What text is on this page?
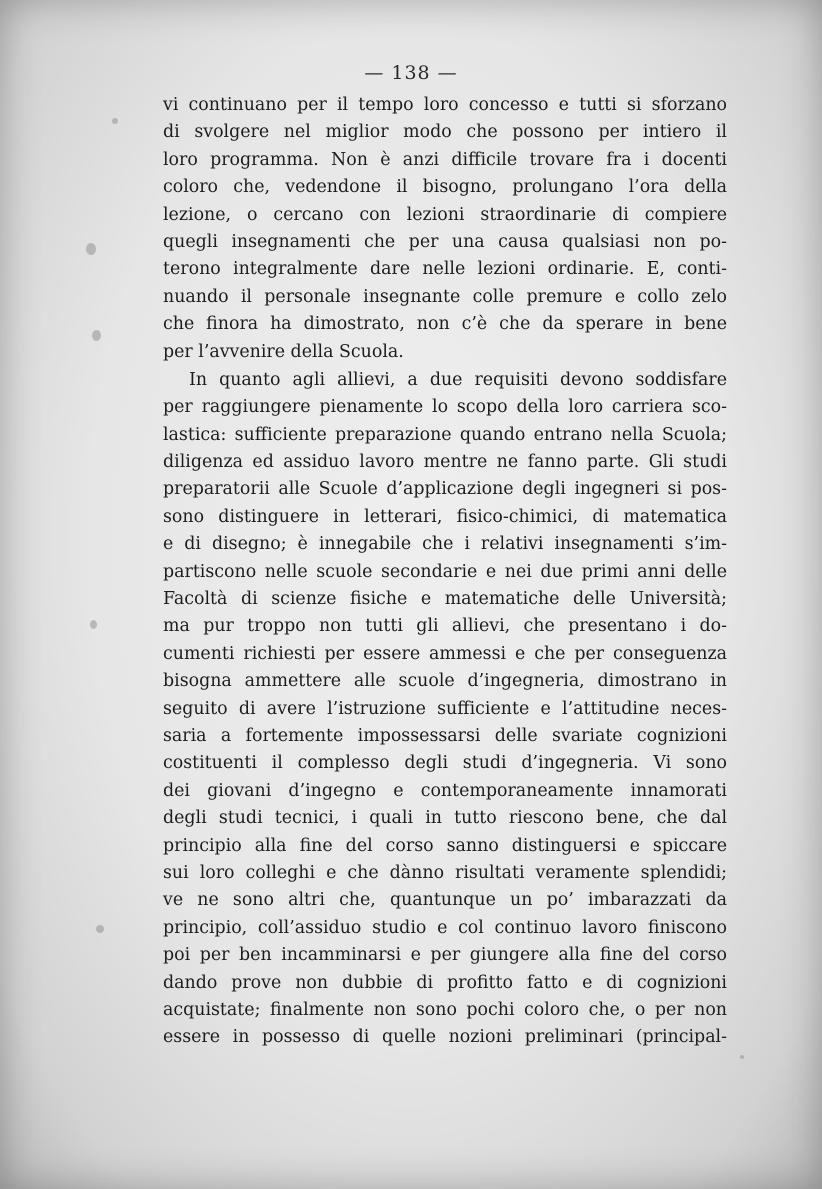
— 138 —
vi continuano per il tempo loro concesso e tutti si sforzano
di svolgere nel miglior modo che possono per intiero il
loro programma. Non è anzi difficile trovare fra i docenti
coloro che, vedendone il bisogno, prolungano l’ora della
lezione, o cercano con lezioni straordinarie di compiere
quegli insegnamenti che per una causa qualsiasi non po-
terono integralmente dare nelle lezioni ordinarie. E, conti-
nuando il personale insegnante colle premure e collo zelo
che finora ha dimostrato, non c’è che da sperare in bene
per l’avvenire della Scuola.
In quanto agli allievi, a due requisiti devono soddisfare
per raggiungere pienamente lo scopo della loro carriera sco-
lastica: sufficiente preparazione quando entrano nella Scuola;
diligenza ed assiduo lavoro mentre ne fanno parte. Gli studi
preparatorii alle Scuole d’applicazione degli ingegneri si pos-
sono distinguere in letterari, fisico-chimici, di matematica
e di disegno; è innegabile che i relativi insegnamenti s’im-
partiscono nelle scuole secondarie e nei due primi anni delle
Facoltà di scienze fisiche e matematiche delle Università;
ma pur troppo non tutti gli allievi, che presentano i do-
cumenti richiesti per essere ammessi e che per conseguenza
bisogna ammettere alle scuole d’ingegneria, dimostrano in
seguito di avere l’istruzione sufficiente e l’attitudine neces-
saria a fortemente impossessarsi delle svariate cognizioni
costituenti il complesso degli studi d’ingegneria. Vi sono
dei giovani d’ingegno e contemporaneamente innamorati
degli studi tecnici, i quali in tutto riescono bene, che dal
principio alla fine del corso sanno distinguersi e spiccare
sui loro colleghi e che dànno risultati veramente splendidi;
ve ne sono altri che, quantunque un po’ imbarazzati da
principio, coll’assiduo studio e col continuo lavoro finiscono
poi per ben incamminarsi e per giungere alla fine del corso
dando prove non dubbie di profitto fatto e di cognizioni
acquistate; finalmente non sono pochi coloro che, o per non
essere in possesso di quelle nozioni preliminari (principal-
